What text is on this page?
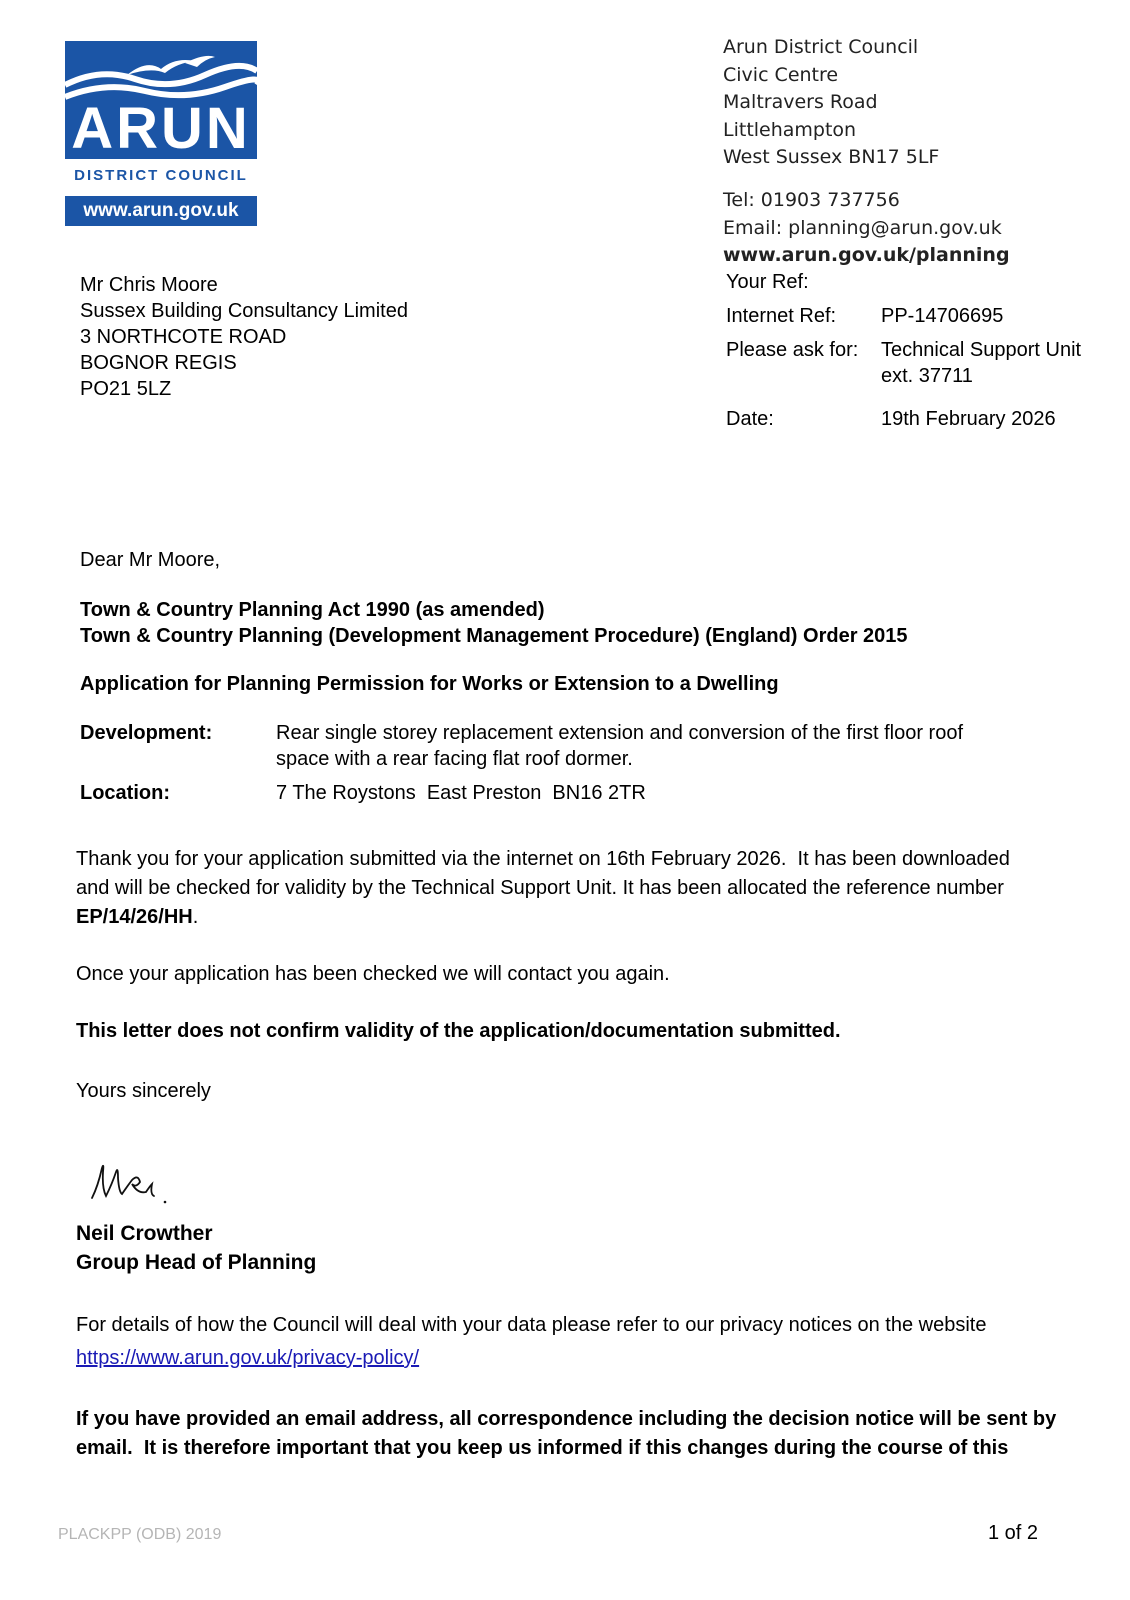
ARUN
DISTRICT COUNCIL
www.arun.gov.uk
Arun District Council
Civic Centre
Maltravers Road
Littlehampton
West Sussex BN17 5LF
Tel: 01903 737756
Email: planning@arun.gov.uk
www.arun.gov.uk/planning
Mr Chris Moore
Sussex Building Consultancy Limited
3 NORTHCOTE ROAD
BOGNOR REGIS
PO21 5LZ
Your Ref:
Internet Ref: PP-14706695
Please ask for: Technical Support Unit
ext. 37711
Date:	19th February 2026
Dear Mr Moore,
Town & Country Planning Act 1990 (as amended)
Town & Country Planning (Development Management Procedure) (England) Order 2015
Application for Planning Permission for Works or Extension to a Dwelling
Development:	Rear single storey replacement extension and conversion of the first floor roof
space with a rear facing flat roof dormer.
Location:	7 The Roystons  East Preston  BN16 2TR
Thank you for your application submitted via the internet on 16th February 2026.  It has been downloaded
and will be checked for validity by the Technical Support Unit. It has been allocated the reference number
EP/14/26/HH.
Once your application has been checked we will contact you again.
This letter does not confirm validity of the application/documentation submitted.
Yours sincerely
Neil Crowther
Group Head of Planning
For details of how the Council will deal with your data please refer to our privacy notices on the website
https://www.arun.gov.uk/privacy-policy/
If you have provided an email address, all correspondence including the decision notice will be sent by
email.  It is therefore important that you keep us informed if this changes during the course of this
PLACKPP (ODB) 2019	1 of 2
